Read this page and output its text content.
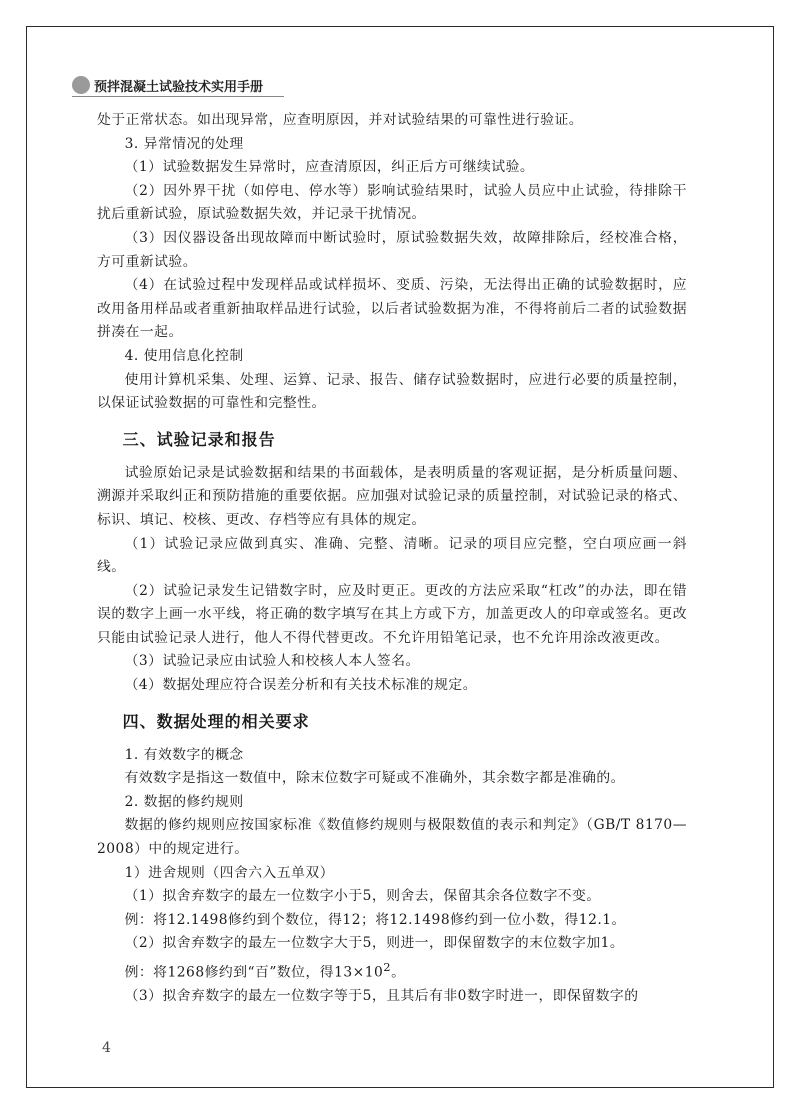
预拌混凝土试验技术实用手册

处于正常状态。如出现异常，应查明原因，并对试验结果的可靠性进行验证。

3. 异常情况的处理

（1）试验数据发生异常时，应查清原因，纠正后方可继续试验。

（2）因外界干扰（如停电、停水等）影响试验结果时，试验人员应中止试验，待排除干扰后重新试验，原试验数据失效，并记录干扰情况。

（3）因仪器设备出现故障而中断试验时，原试验数据失效，故障排除后，经校准合格，方可重新试验。

（4）在试验过程中发现样品或试样损坏、变质、污染，无法得出正确的试验数据时，应改用备用样品或者重新抽取样品进行试验，以后者试验数据为准，不得将前后二者的试验数据拼凑在一起。

4. 使用信息化控制

使用计算机采集、处理、运算、记录、报告、储存试验数据时，应进行必要的质量控制，以保证试验数据的可靠性和完整性。

三、试验记录和报告

试验原始记录是试验数据和结果的书面载体，是表明质量的客观证据，是分析质量问题、溯源并采取纠正和预防措施的重要依据。应加强对试验记录的质量控制，对试验记录的格式、标识、填记、校核、更改、存档等应有具体的规定。

（1）试验记录应做到真实、准确、完整、清晰。记录的项目应完整，空白项应画一斜线。

（2）试验记录发生记错数字时，应及时更正。更改的方法应采取“杠改”的办法，即在错误的数字上画一水平线，将正确的数字填写在其上方或下方，加盖更改人的印章或签名。更改只能由试验记录人进行，他人不得代替更改。不允许用铅笔记录，也不允许用涂改液更改。

（3）试验记录应由试验人和校核人本人签名。

（4）数据处理应符合误差分析和有关技术标准的规定。

四、数据处理的相关要求

1. 有效数字的概念

有效数字是指这一数值中，除末位数字可疑或不准确外，其余数字都是准确的。

2. 数据的修约规则

数据的修约规则应按国家标准《数值修约规则与极限数值的表示和判定》（GB/T 8170—2008）中的规定进行。

1）进舍规则（四舍六入五单双）

（1）拟舍弃数字的最左一位数字小于5，则舍去，保留其余各位数字不变。

例：将12.1498修约到个数位，得12；将12.1498修约到一位小数，得12.1。

（2）拟舍弃数字的最左一位数字大于5，则进一，即保留数字的末位数字加1。

例：将1268修约到“百”数位，得$13\times 10^2$。

（3）拟舍弃数字的最左一位数字等于5，且其后有非0数字时进一，即保留数字的

4
